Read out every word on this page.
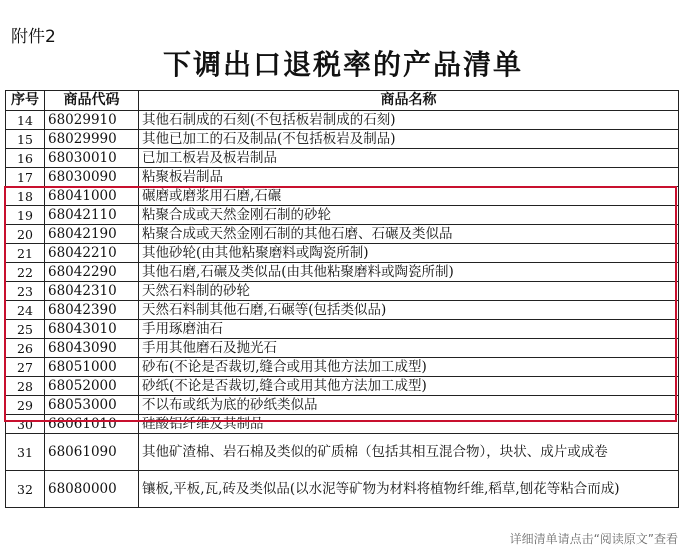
附件2
下调出口退税率的产品清单
序号	商品代码	商品名称
14	68029910	其他石制成的石刻(不包括板岩制成的石刻)
15	68029990	其他已加工的石及制品(不包括板岩及制品)
16	68030010	已加工板岩及板岩制品
17	68030090	粘聚板岩制品
18	68041000	碾磨或磨浆用石磨,石碾
19	68042110	粘聚合成或天然金刚石制的砂轮
20	68042190	粘聚合成或天然金刚石制的其他石磨、石碾及类似品
21	68042210	其他砂轮(由其他粘聚磨料或陶瓷所制)
22	68042290	其他石磨,石碾及类似品(由其他粘聚磨料或陶瓷所制)
23	68042310	天然石料制的砂轮
24	68042390	天然石料制其他石磨,石碾等(包括类似品)
25	68043010	手用琢磨油石
26	68043090	手用其他磨石及抛光石
27	68051000	砂布(不论是否裁切,缝合或用其他方法加工成型)
28	68052000	砂纸(不论是否裁切,缝合或用其他方法加工成型)
29	68053000	不以布或纸为底的砂纸类似品
30	68061010	硅酸铝纤维及其制品
31	68061090	其他矿渣棉、岩石棉及类似的矿质棉（包括其相互混合物），块状、成片或成卷
32	68080000	镶板,平板,瓦,砖及类似品(以水泥等矿物为材料将植物纤维,稻草,刨花等粘合而成)
详细清单请点击“阅读原文”查看
